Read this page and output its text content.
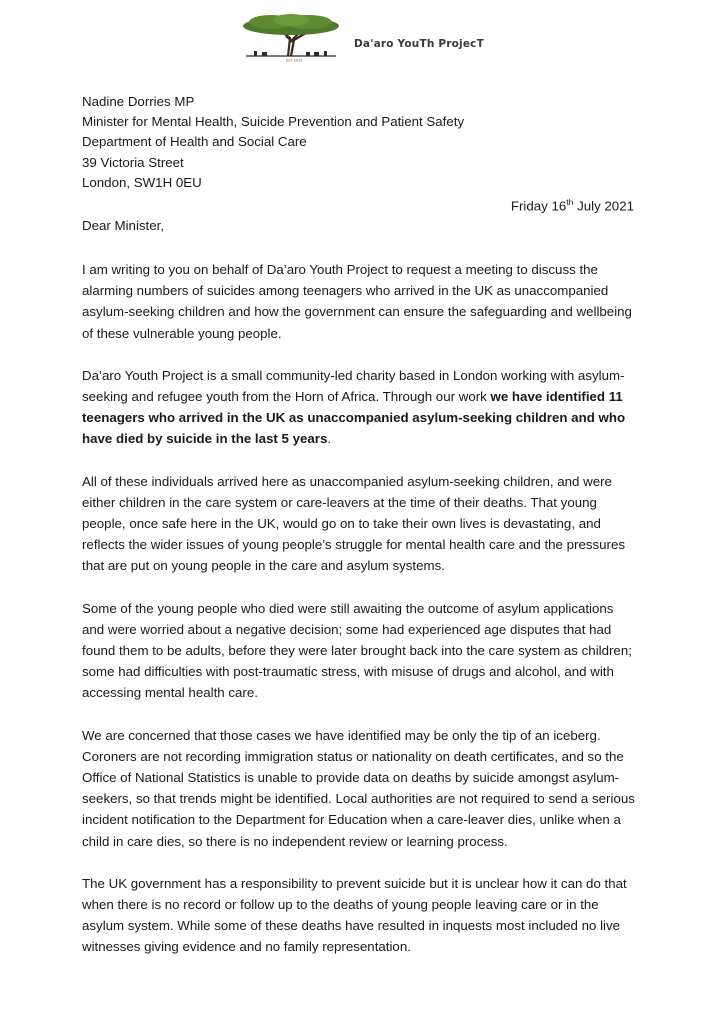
EST 2015
Da'aro YouTh ProjecT
Nadine Dorries MP
Minister for Mental Health, Suicide Prevention and Patient Safety
Department of Health and Social Care
39 Victoria Street
London, SW1H 0EU
Friday 16th July 2021
Dear Minister,

I am writing to you on behalf of Da’aro Youth Project to request a meeting to discuss the alarming numbers of suicides among teenagers who arrived in the UK as unaccompanied asylum-seeking children and how the government can ensure the safeguarding and wellbeing of these vulnerable young people.

Da’aro Youth Project is a small community-led charity based in London working with asylum-seeking and refugee youth from the Horn of Africa. Through our work we have identified 11 teenagers who arrived in the UK as unaccompanied asylum-seeking children and who have died by suicide in the last 5 years.

All of these individuals arrived here as unaccompanied asylum-seeking children, and were either children in the care system or care-leavers at the time of their deaths. That young people, once safe here in the UK, would go on to take their own lives is devastating, and reflects the wider issues of young people’s struggle for mental health care and the pressures that are put on young people in the care and asylum systems.

Some of the young people who died were still awaiting the outcome of asylum applications and were worried about a negative decision; some had experienced age disputes that had found them to be adults, before they were later brought back into the care system as children; some had difficulties with post-traumatic stress, with misuse of drugs and alcohol, and with accessing mental health care.

We are concerned that those cases we have identified may be only the tip of an iceberg. Coroners are not recording immigration status or nationality on death certificates, and so the Office of National Statistics is unable to provide data on deaths by suicide amongst asylum-seekers, so that trends might be identified. Local authorities are not required to send a serious incident notification to the Department for Education when a care-leaver dies, unlike when a child in care dies, so there is no independent review or learning process.

The UK government has a responsibility to prevent suicide but it is unclear how it can do that when there is no record or follow up to the deaths of young people leaving care or in the asylum system. While some of these deaths have resulted in inquests most included no live witnesses giving evidence and no family representation.
